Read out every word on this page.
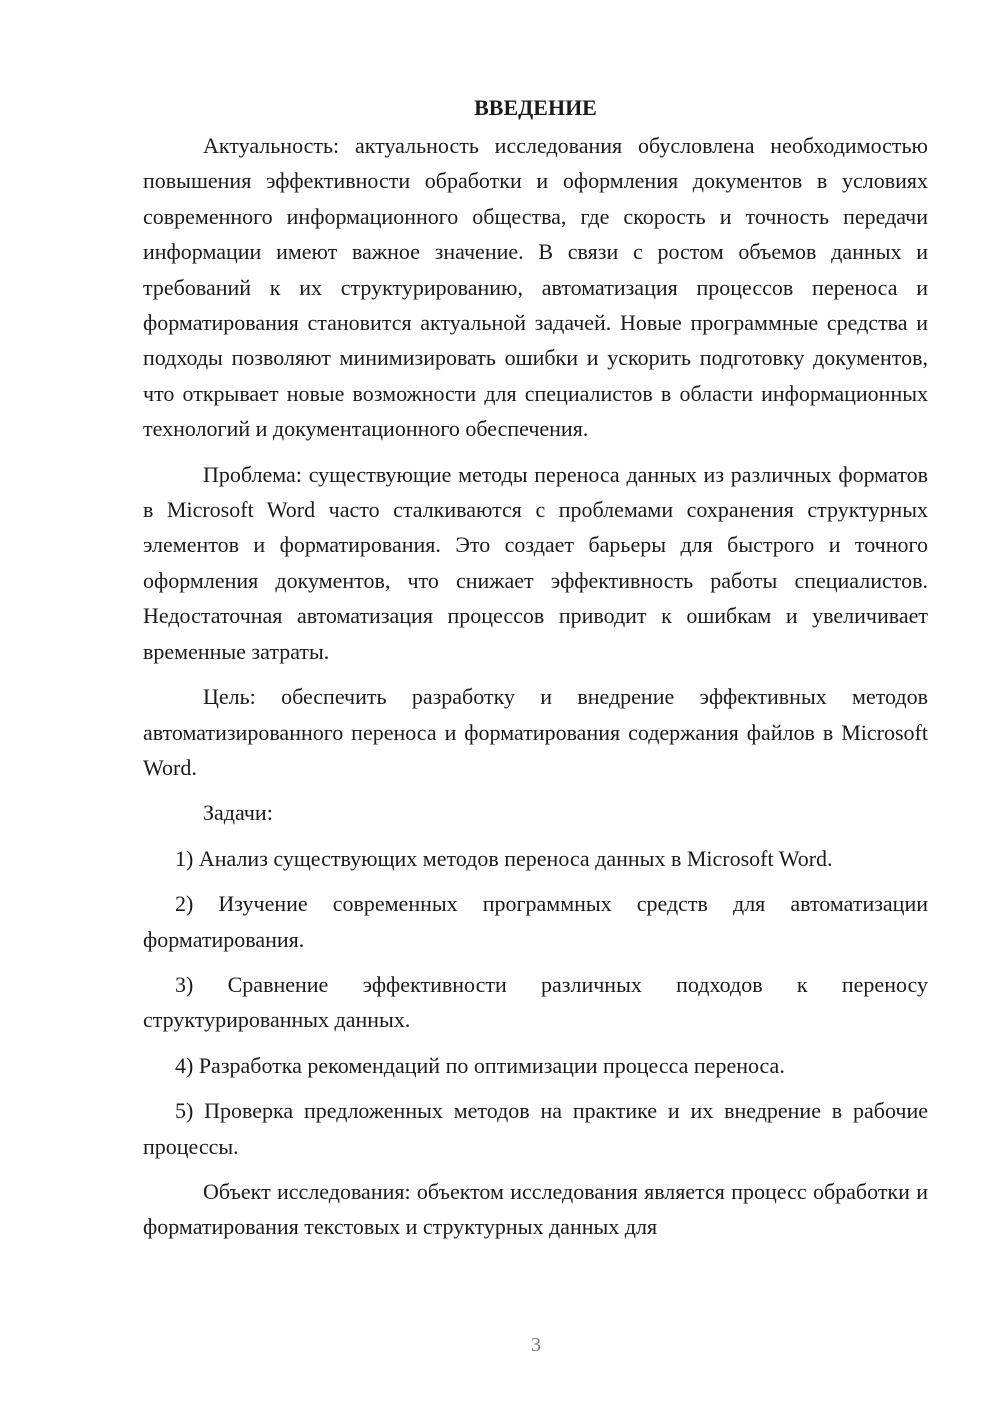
ВВЕДЕНИЕ

Актуальность: актуальность исследования обусловлена необходимостью повышения эффективности обработки и оформления документов в условиях современного информационного общества, где скорость и точность передачи информации имеют важное значение. В связи с ростом объемов данных и требований к их структурированию, автоматизация процессов переноса и форматирования становится актуальной задачей. Новые программные средства и подходы позволяют минимизировать ошибки и ускорить подготовку документов, что открывает новые возможности для специалистов в области информационных технологий и документационного обеспечения.

Проблема: существующие методы переноса данных из различных форматов в Microsoft Word часто сталкиваются с проблемами сохранения структурных элементов и форматирования. Это создает барьеры для быстрого и точного оформления документов, что снижает эффективность работы специалистов. Недостаточная автоматизация процессов приводит к ошибкам и увеличивает временные затраты.

Цель: обеспечить разработку и внедрение эффективных методов автоматизированного переноса и форматирования содержания файлов в Microsoft Word.

Задачи:

1) Анализ существующих методов переноса данных в Microsoft Word.

2) Изучение современных программных средств для автоматизации форматирования.

3) Сравнение эффективности различных подходов к переносу структурированных данных.

4) Разработка рекомендаций по оптимизации процесса переноса.

5) Проверка предложенных методов на практике и их внедрение в рабочие процессы.

Объект исследования: объектом исследования является процесс обработки и форматирования текстовых и структурных данных для

3
